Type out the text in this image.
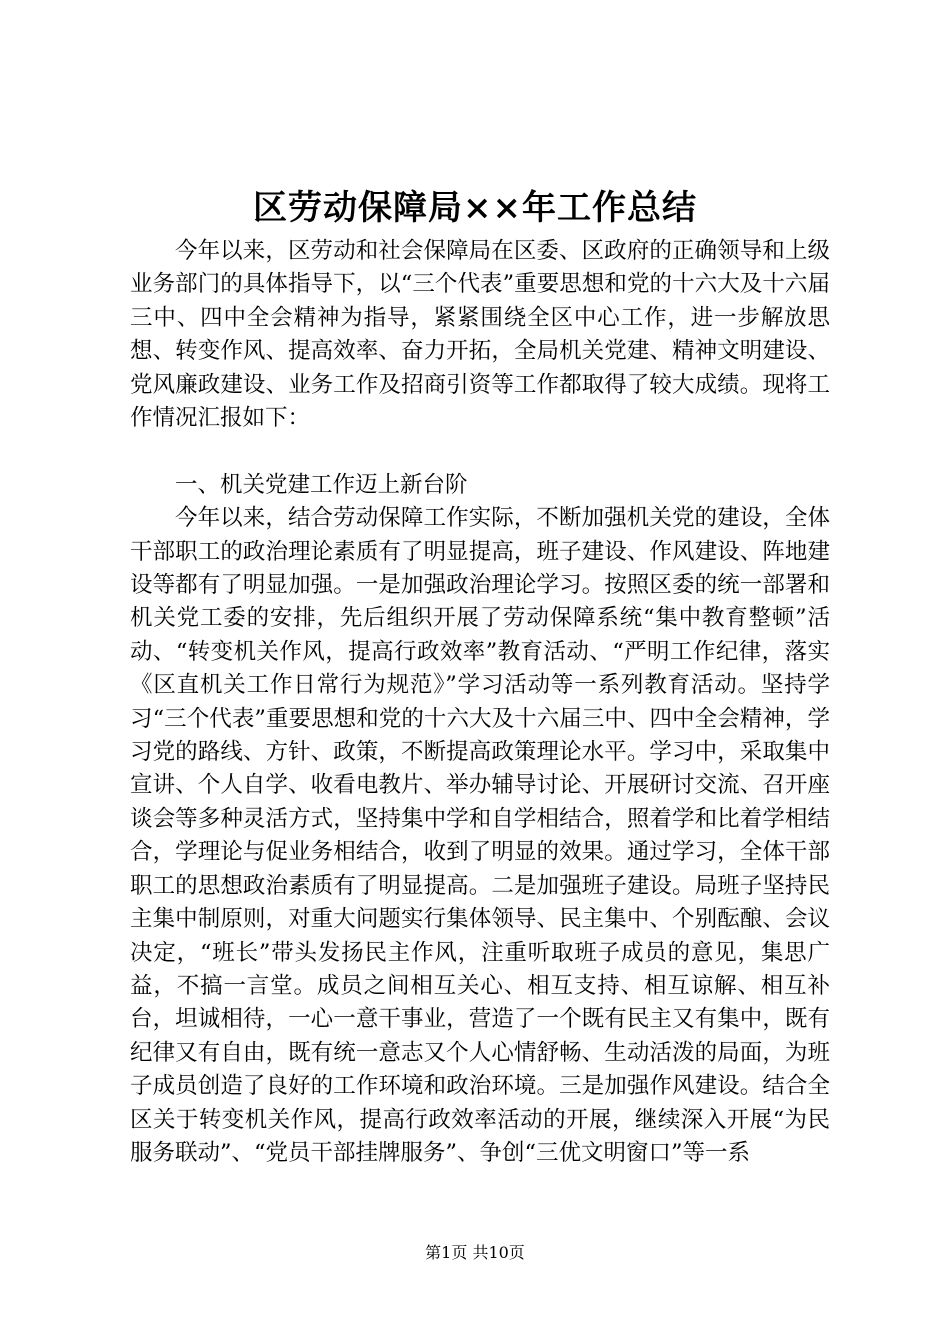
区劳动保障局××年工作总结

今年以来，区劳动和社会保障局在区委、区政府的正确领导和上级业务部门的具体指导下，以“三个代表”重要思想和党的十六大及十六届三中、四中全会精神为指导，紧紧围绕全区中心工作，进一步解放思想、转变作风、提高效率、奋力开拓，全局机关党建、精神文明建设、党风廉政建设、业务工作及招商引资等工作都取得了较大成绩。现将工作情况汇报如下：

一、机关党建工作迈上新台阶

今年以来，结合劳动保障工作实际，不断加强机关党的建设，全体干部职工的政治理论素质有了明显提高，班子建设、作风建设、阵地建设等都有了明显加强。一是加强政治理论学习。按照区委的统一部署和机关党工委的安排，先后组织开展了劳动保障系统“集中教育整顿”活动、“转变机关作风，提高行政效率”教育活动、“严明工作纪律，落实《区直机关工作日常行为规范》”学习活动等一系列教育活动。坚持学习“三个代表”重要思想和党的十六大及十六届三中、四中全会精神，学习党的路线、方针、政策，不断提高政策理论水平。学习中，采取集中宣讲、个人自学、收看电教片、举办辅导讨论、开展研讨交流、召开座谈会等多种灵活方式，坚持集中学和自学相结合，照着学和比着学相结合，学理论与促业务相结合，收到了明显的效果。通过学习，全体干部职工的思想政治素质有了明显提高。二是加强班子建设。局班子坚持民主集中制原则，对重大问题实行集体领导、民主集中、个别酝酿、会议决定，“班长”带头发扬民主作风，注重听取班子成员的意见，集思广益，不搞一言堂。成员之间相互关心、相互支持、相互谅解、相互补台，坦诚相待，一心一意干事业，营造了一个既有民主又有集中，既有纪律又有自由，既有统一意志又个人心情舒畅、生动活泼的局面，为班子成员创造了良好的工作环境和政治环境。三是加强作风建设。结合全区关于转变机关作风，提高行政效率活动的开展，继续深入开展“为民服务联动”、“党员干部挂牌服务”、争创“三优文明窗口”等一系

第1页 共10页
